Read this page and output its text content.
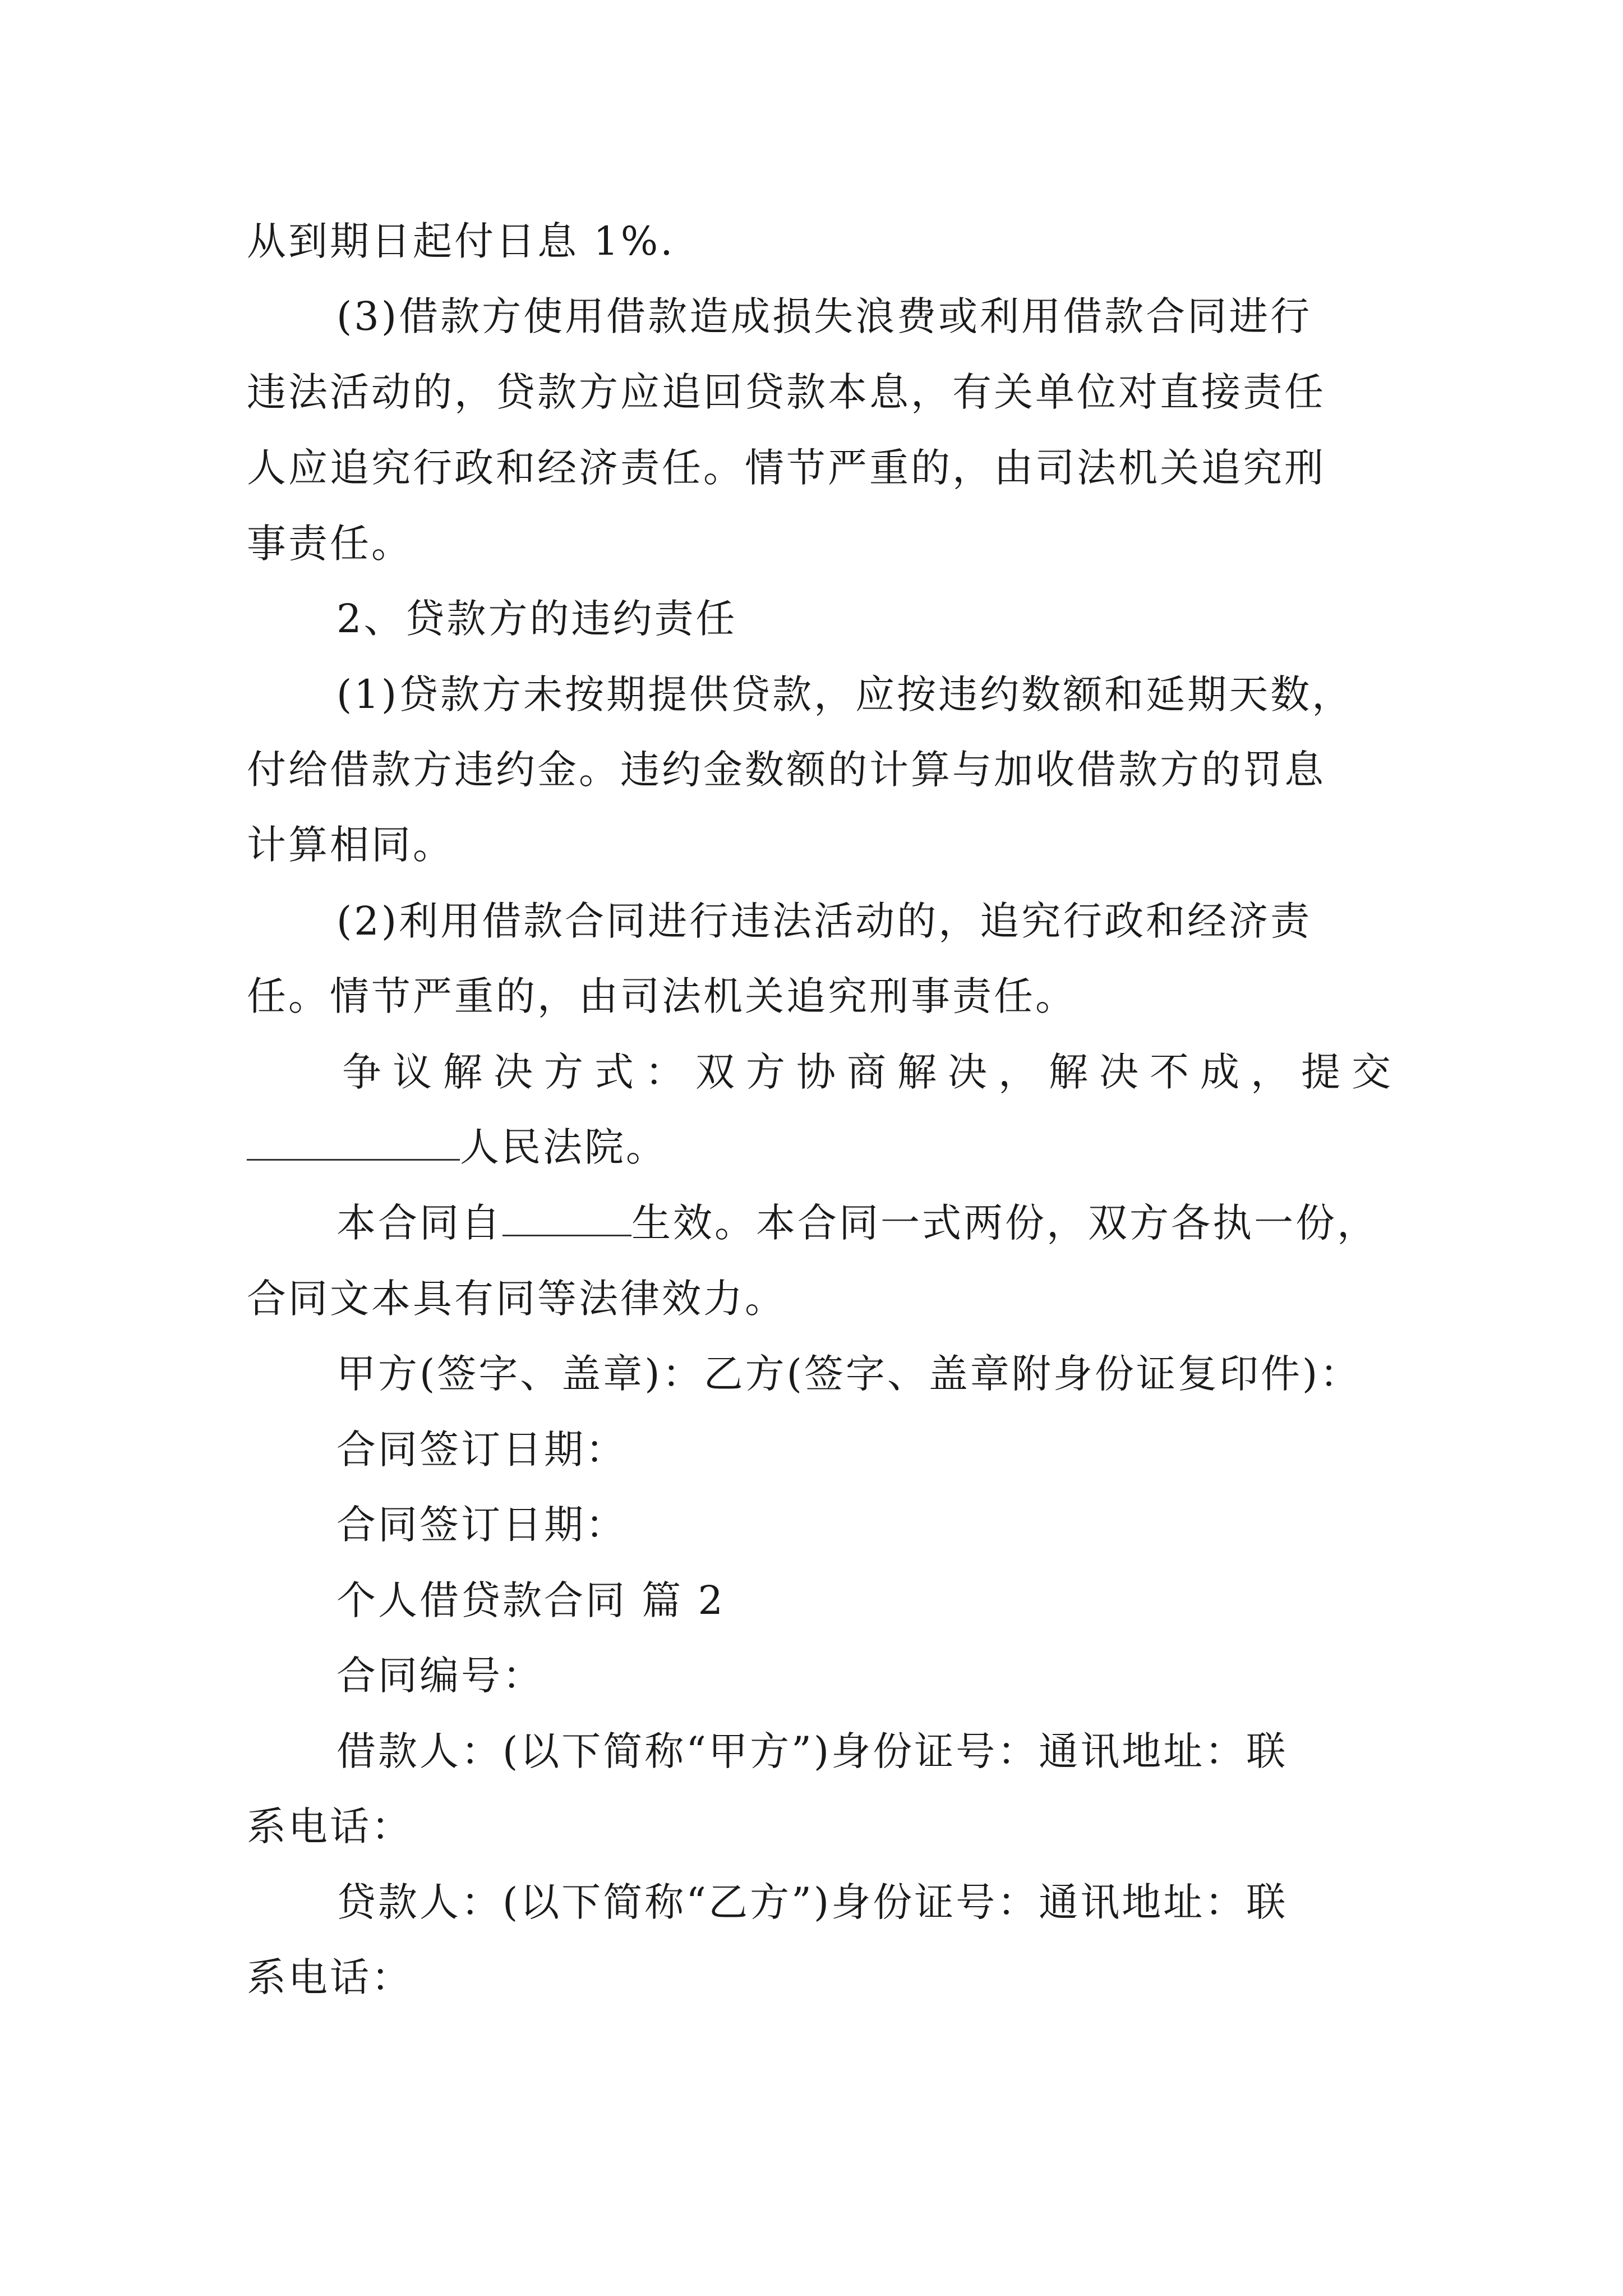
从到期日起付日息 1%.
(3)借款方使用借款造成损失浪费或利用借款合同进行
违法活动的，贷款方应追回贷款本息，有关单位对直接责任
人应追究行政和经济责任。情节严重的，由司法机关追究刑
事责任。
2、贷款方的违约责任
(1)贷款方未按期提供贷款，应按违约数额和延期天数，
付给借款方违约金。违约金数额的计算与加收借款方的罚息
计算相同。
(2)利用借款合同进行违法活动的，追究行政和经济责
任。情节严重的，由司法机关追究刑事责任。
争议解决方式：双方协商解决，解决不成，提交
人民法院。
本合同自	生效。本合同一式两份，双方各执一份，
合同文本具有同等法律效力。
甲方(签字、盖章)：乙方(签字、盖章附身份证复印件)：
合同签订日期：
合同签订日期：
个人借贷款合同 篇 2
合同编号：
借款人：(以下简称“甲方”)身份证号：通讯地址：联
系电话：
贷款人：(以下简称“乙方”)身份证号：通讯地址：联
系电话：
